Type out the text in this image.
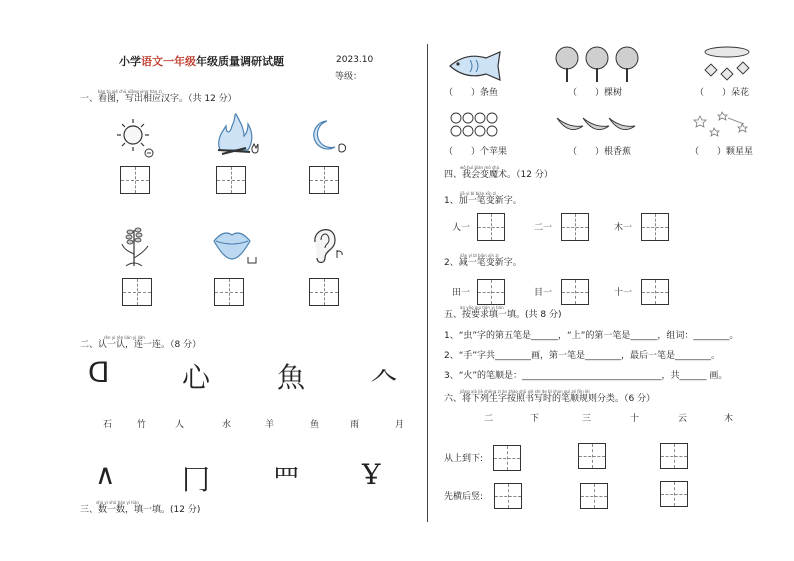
小学语文一年级年级质量调研试题	2023.10
等级：
kàn tú xiě chū xiāng yìng hàn zì
一、看图，写出相应汉字。（共 12 分）
rèn yi rèn lián yi lián
二、认一认，连一连。（8 分）
ᗡ	心 魚 𠆢
石	竹	人	水	羊	鱼	雨	月
∧ 冂 罒 Ұ
shǔ yi shǔ tián yi tián
三、数一数，填一填。(12 分)
（　　）条鱼	（　　）棵树	（　　）朵花
（　　）个苹果	（　　）根香蕉	（　　）颗星星
wǒ huì biàn mó shù
四、我会变魔术。（12 分）
jiā yì bǐ biàn xīn zì
1、加一笔变新字。
人一	二一	木一
jiǎn yì bǐ biàn xīn zì
2、减一笔变新字。
田一	目一	十一
àn yāo qiú tián yi tián
五、按要求填一填。(共 8 分)
1、“虫”字的第五笔是______，“上”的第一笔是______，组词：________。
2、“手”字共________画，第一笔是________，最后一笔是________。
3、“火”的笔顺是：_______________________________，共______ 画。
jiāng xià liè shēng zì àn zhào shū xiě shí de bǐ shùn guī zé fēn lèi
六、将下列生字按照书写时的笔顺规则分类。（6 分）
二	下	三	十	云	木
从上到下:
先横后竖:
